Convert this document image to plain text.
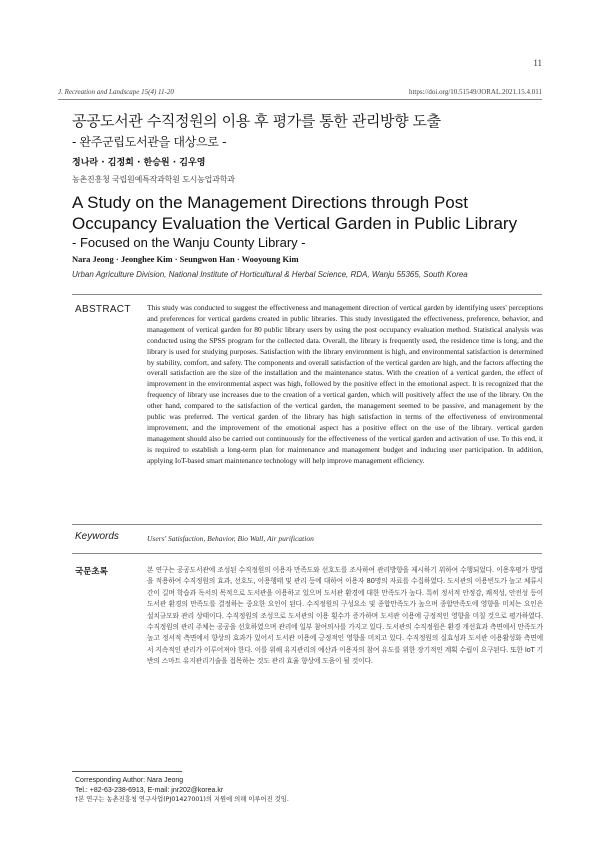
11
J. Recreation and Landscape 15(4) 11-20	https://doi.org/10.51549/JORAL.2021.15.4.011
공공도서관 수직정원의 이용 후 평가를 통한 관리방향 도출
- 완주군립도서관을 대상으로 -
정나라 · 김정희 · 한승원 · 김우영
농촌진흥청 국립원예특작과학원 도시농업과학과
A Study on the Management Directions through Post Occupancy Evaluation the Vertical Garden in Public Library
- Focused on the Wanju County Library -
Nara Jeong · Jeonghee Kim · Seungwon Han · Wooyoung Kim
Urban Agriculture Division, National Institute of Horticultural & Herbal Science, RDA, Wanju 55365, South Korea
ABSTRACT This study was conducted to suggest the effectiveness and management direction of vertical garden by identifying users' perceptions and preferences for vertical gardens created in public libraries. This study investigated the effectiveness, preference, behavior, and management of vertical garden for 80 public library users by using the post occupancy evaluation method. Statistical analysis was conducted using the SPSS program for the collected data. Overall, the library is frequently used, the residence time is long, and the library is used for studying purposes. Satisfaction with the library environment is high, and environmental satisfaction is determined by stability, comfort, and safety. The components and overall satisfaction of the vertical garden are high, and the factors affecting the overall satisfaction are the size of the installation and the maintenance status. With the creation of a vertical garden, the effect of improvement in the environmental aspect was high, followed by the positive effect in the emotional aspect. It is recognized that the frequency of library use increases due to the creation of a vertical garden, which will positively affect the use of the library. On the other hand, compared to the satisfaction of the vertical garden, the management seemed to be passive, and management by the public was preferred. The vertical garden of the library has high satisfaction in terms of the effectiveness of environmental improvement, and the improvement of the emotional aspect has a positive effect on the use of the library. vertical garden management should also be carried out continuously for the effectiveness of the vertical garden and activation of use. To this end, it is required to establish a long-term plan for maintenance and management budget and inducing user participation. In addition, applying IoT-based smart maintenance technology will help improve management efficiency.
Keywords	Users' Satisfaction, Behavior, Bio Wall, Air purification
국문초록	본 연구는 공공도서관에 조성된 수직정원의 이용자 만족도와 선호도를 조사하여 관리방향을 제시하기 위하여 수행되었다. 이용후평가 방법을 적용하여 수직정원의 효과, 선호도, 이용행태 및 관리 등에 대하여 이용자 80명의 자료를 수집하였다. 도서관의 이용빈도가 높고 체류시간이 길며 학습과 독서의 목적으로 도서관을 이용하고 있으며 도서관 환경에 대한 만족도가 높다. 특히 정서적 안정감, 쾌적성, 안전성 등이 도서관 환경의 만족도를 결정하는 중요한 요인이 된다. 수직정원의 구성요소 및 종합만족도가 높으며 종합만족도에 영향을 미치는 요인은 설치규모와 관리 상태이다. 수직정원의 조성으로 도서관의 이용 횟수가 증가하며 도서관 이용에 긍정적인 영향을 미칠 것으로 평가하였다. 수직정원의 관리 주체는 공공을 선호하였으며 관리에 일부 참여의사를 가지고 있다. 도서관의 수직정원은 환경 개선효과 측면에서 만족도가 높고 정서적 측면에서 향상의 효과가 있어서 도서관 이용에 긍정적인 영향을 미치고 있다. 수직정원의 실효성과 도서관 이용활성화 측면에서 지속적인 관리가 이루어져야 한다. 이를 위해 유지관리의 예산과 이용자의 참여 유도를 위한 장기적인 계획 수립이 요구된다. 또한 IoT 기반의 스마트 유지관리기술을 접목하는 것도 관리 효율 향상에 도움이 될 것이다.
Corresponding Author: Nara Jeong
Tel.: +82-63-238-6913, E-mail: jnr202@korea.kr
†본 연구는 농촌진흥청 연구사업(PJ01427001)의 지원에 의해 이루어진 것임.
